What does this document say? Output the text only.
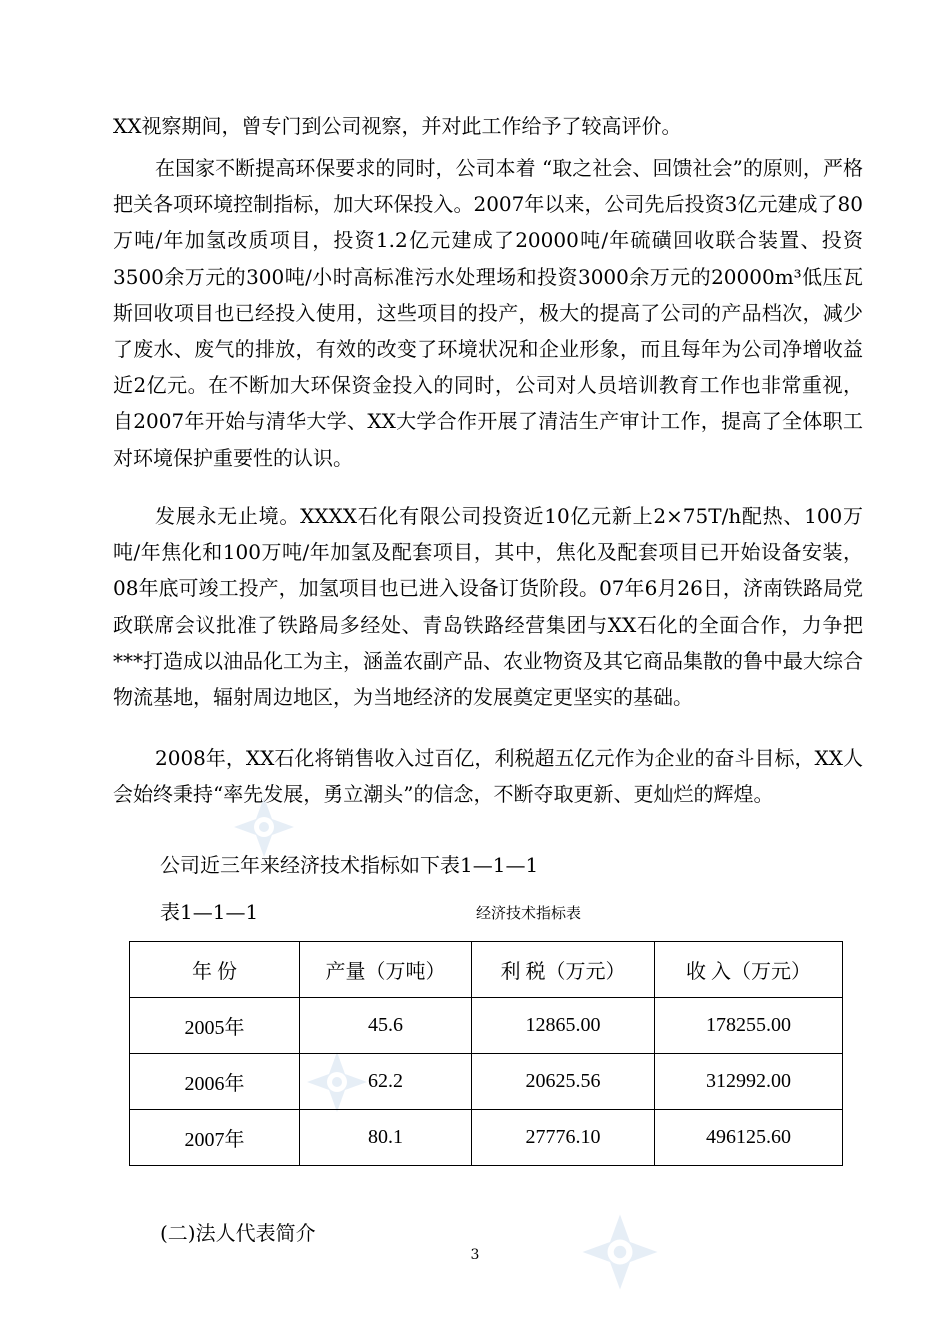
XX视察期间，曾专门到公司视察，并对此工作给予了较高评价。

在国家不断提高环保要求的同时，公司本着 “取之社会、回馈社会”的原则，严格把关各项环境控制指标，加大环保投入。2007年以来，公司先后投资3亿元建成了80万吨/年加氢改质项目，投资1.2亿元建成了20000吨/年硫磺回收联合装置、投资3500余万元的300吨/小时高标准污水处理场和投资3000余万元的20000m³低压瓦斯回收项目也已经投入使用，这些项目的投产，极大的提高了公司的产品档次，减少了废水、废气的排放，有效的改变了环境状况和企业形象，而且每年为公司净增收益近2亿元。在不断加大环保资金投入的同时，公司对人员培训教育工作也非常重视，自2007年开始与清华大学、XX大学合作开展了清洁生产审计工作，提高了全体职工对环境保护重要性的认识。

发展永无止境。XXXX石化有限公司投资近10亿元新上2×75T/h配热、100万吨/年焦化和100万吨/年加氢及配套项目，其中，焦化及配套项目已开始设备安装，08年底可竣工投产，加氢项目也已进入设备订货阶段。07年6月26日，济南铁路局党政联席会议批准了铁路局多经处、青岛铁路经营集团与XX石化的全面合作，力争把***打造成以油品化工为主，涵盖农副产品、农业物资及其它商品集散的鲁中最大综合物流基地，辐射周边地区，为当地经济的发展奠定更坚实的基础。

2008年，XX石化将销售收入过百亿，利税超五亿元作为企业的奋斗目标，XX人会始终秉持“率先发展，勇立潮头”的信念，不断夺取更新、更灿烂的辉煌。

公司近三年来经济技术指标如下表1—1—1
表1—1—1	经济技术指标表
年 份	产量（万吨）	利 税（万元）	收 入（万元）
2005年	45.6	12865.00	178255.00
2006年	62.2	20625.56	312992.00
2007年	80.1	27776.10	496125.60
(二)法人代表简介
3
